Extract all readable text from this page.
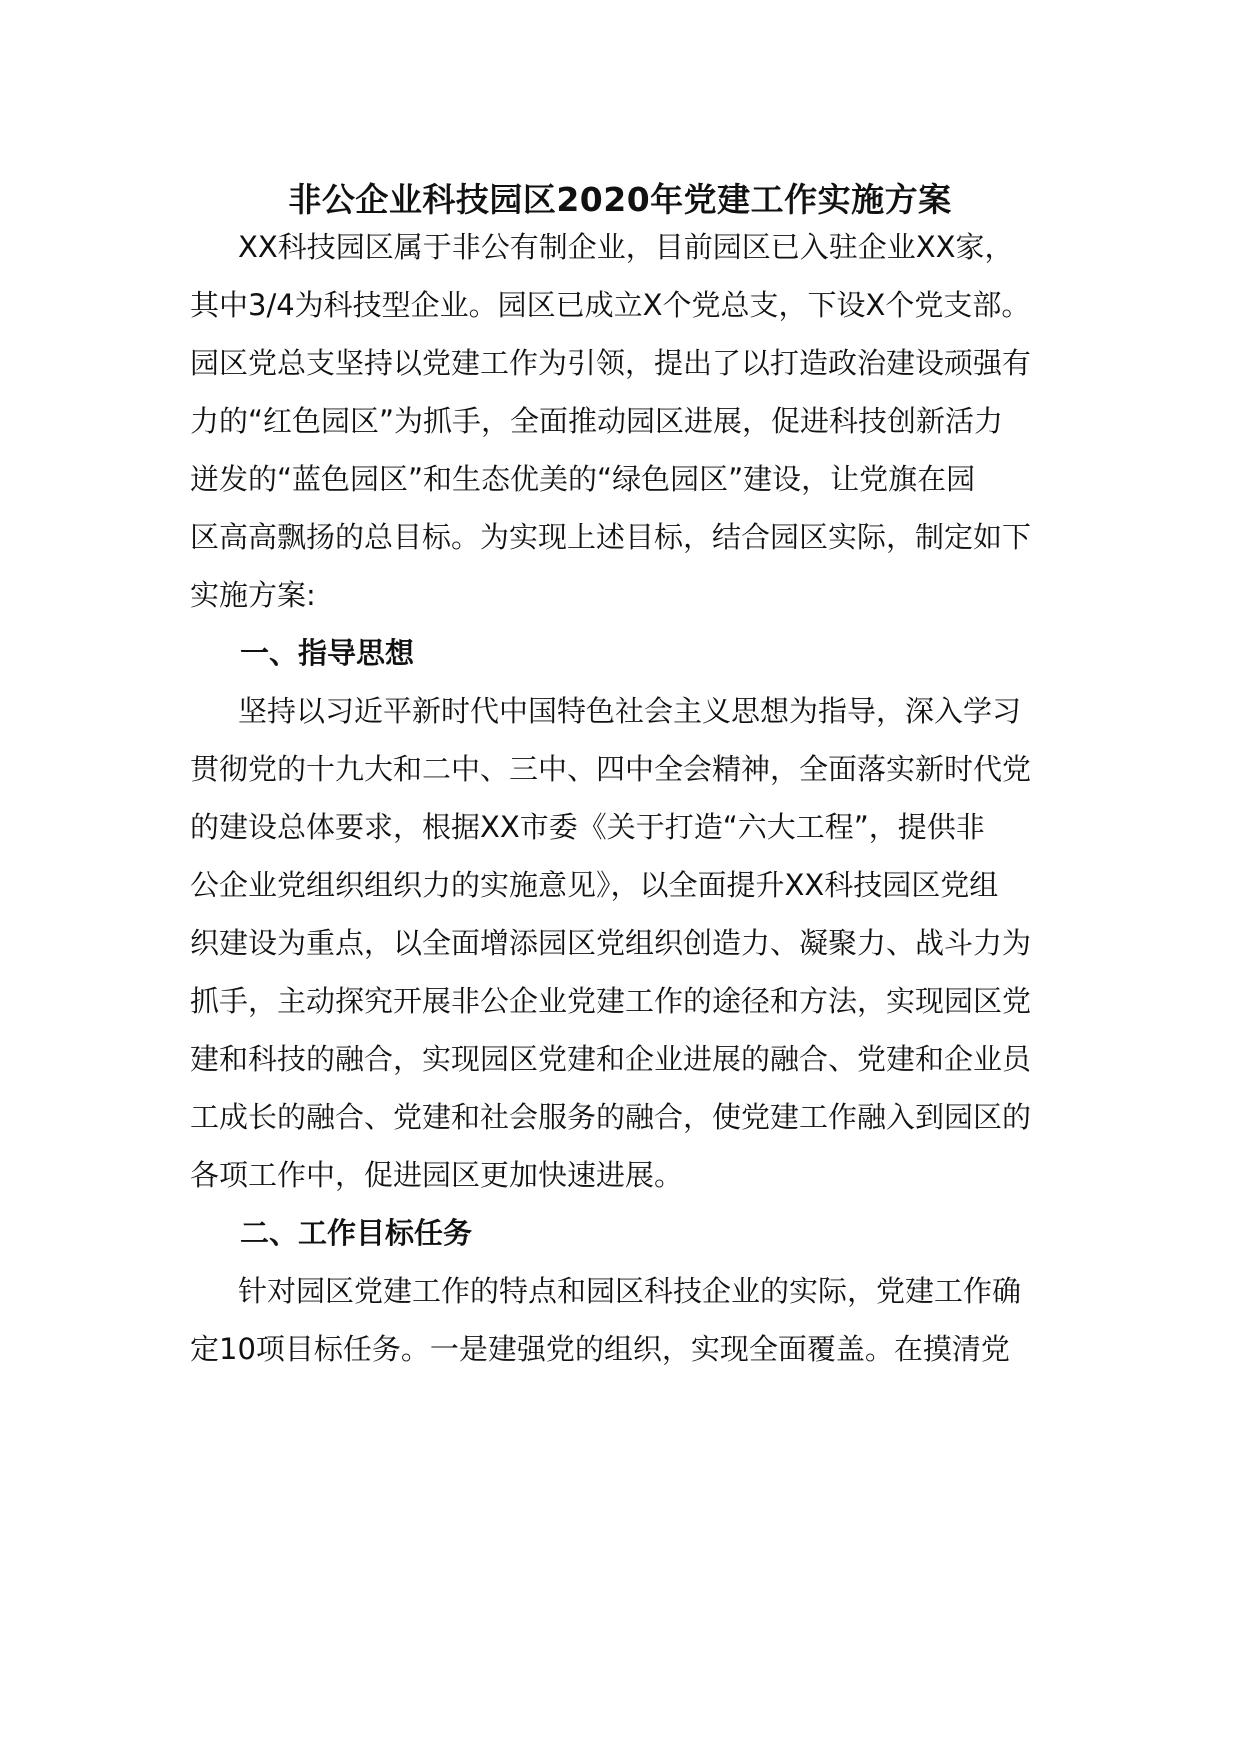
非公企业科技园区2020年党建工作实施方案
XX科技园区属于非公有制企业，目前园区已入驻企业XX家，
其中3/4为科技型企业。园区已成立X个党总支，下设X个党支部。
园区党总支坚持以党建工作为引领，提出了以打造政治建设顽强有
力的“红色园区”为抓手，全面推动园区进展，促进科技创新活力
迸发的“蓝色园区”和生态优美的“绿色园区”建设，让党旗在园
区高高飘扬的总目标。为实现上述目标，结合园区实际，制定如下
实施方案:
一、指导思想
坚持以习近平新时代中国特色社会主义思想为指导，深入学习
贯彻党的十九大和二中、三中、四中全会精神，全面落实新时代党
的建设总体要求，根据XX市委《关于打造“六大工程”，提供非
公企业党组织组织力的实施意见》，以全面提升XX科技园区党组
织建设为重点，以全面增添园区党组织创造力、凝聚力、战斗力为
抓手，主动探究开展非公企业党建工作的途径和方法，实现园区党
建和科技的融合，实现园区党建和企业进展的融合、党建和企业员
工成长的融合、党建和社会服务的融合，使党建工作融入到园区的
各项工作中，促进园区更加快速进展。
二、工作目标任务
针对园区党建工作的特点和园区科技企业的实际，党建工作确
定10项目标任务。一是建强党的组织，实现全面覆盖。在摸清党
